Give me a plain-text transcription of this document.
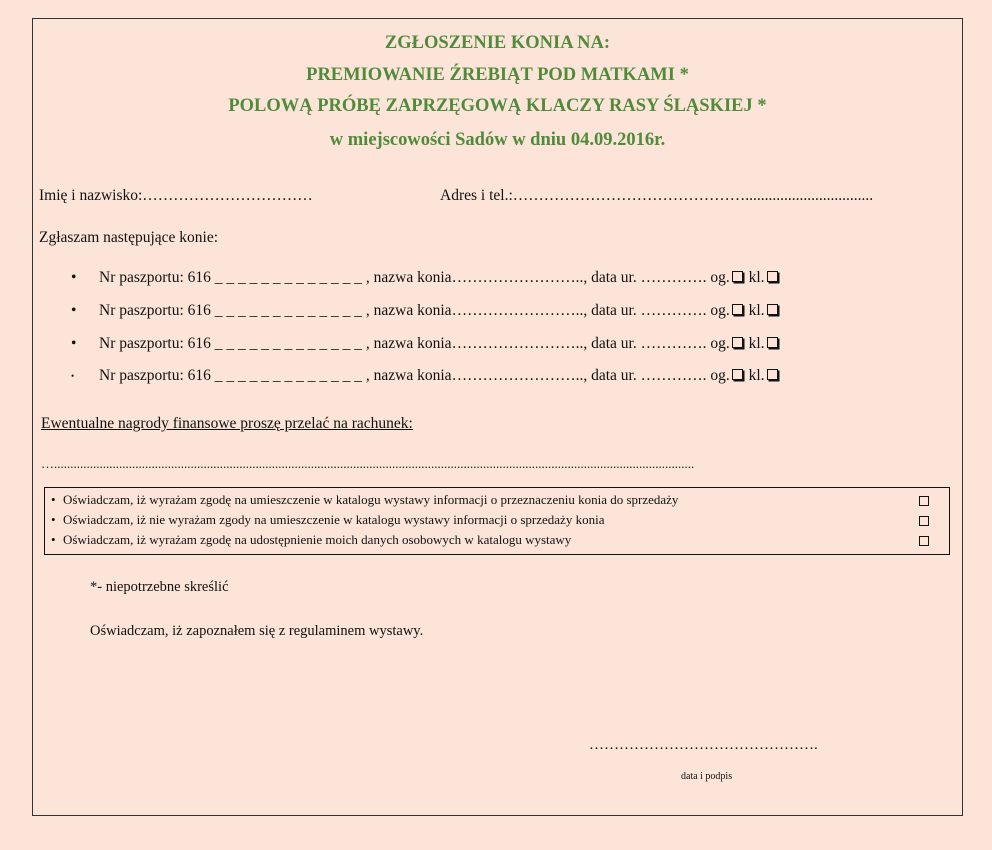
ZGŁOSZENIE KONIA NA:
PREMIOWANIE ŹREBIĄT POD MATKAMI *
POLOWĄ PRÓBĘ ZAPRZĘGOWĄ KLACZY RASY ŚLĄSKIEJ *
w miejscowości Sadów w dniu 04.09.2016r.
Imię i nazwisko:……………………………	Adres i tel.:……………………………………….................................
Zgłaszam następujące konie:
• Nr paszportu: 616 _ _ _ _ _ _ _ _ _ _ _ _ _ , nazwa konia…………………….., data ur. …………. og. kl.
• Nr paszportu: 616 _ _ _ _ _ _ _ _ _ _ _ _ _ , nazwa konia…………………….., data ur. …………. og. kl.
• Nr paszportu: 616 _ _ _ _ _ _ _ _ _ _ _ _ _ , nazwa konia…………………….., data ur. …………. og. kl.
• Nr paszportu: 616 _ _ _ _ _ _ _ _ _ _ _ _ _ , nazwa konia…………………….., data ur. …………. og. kl.
Ewentualne nagrody finansowe proszę przelać na rachunek:
….....................................................................................................................................................................................................
• Oświadczam, iż wyrażam zgodę na umieszczenie w katalogu wystawy informacji o przeznaczeniu konia do sprzedaży
• Oświadczam, iż nie wyrażam zgody na umieszczenie w katalogu wystawy informacji o sprzedaży konia
• Oświadczam, iż wyrażam zgodę na udostępnienie moich danych osobowych w katalogu wystawy
*- niepotrzebne skreślić
Oświadczam, iż zapoznałem się z regulaminem wystawy.
……………………………………….
data i podpis
